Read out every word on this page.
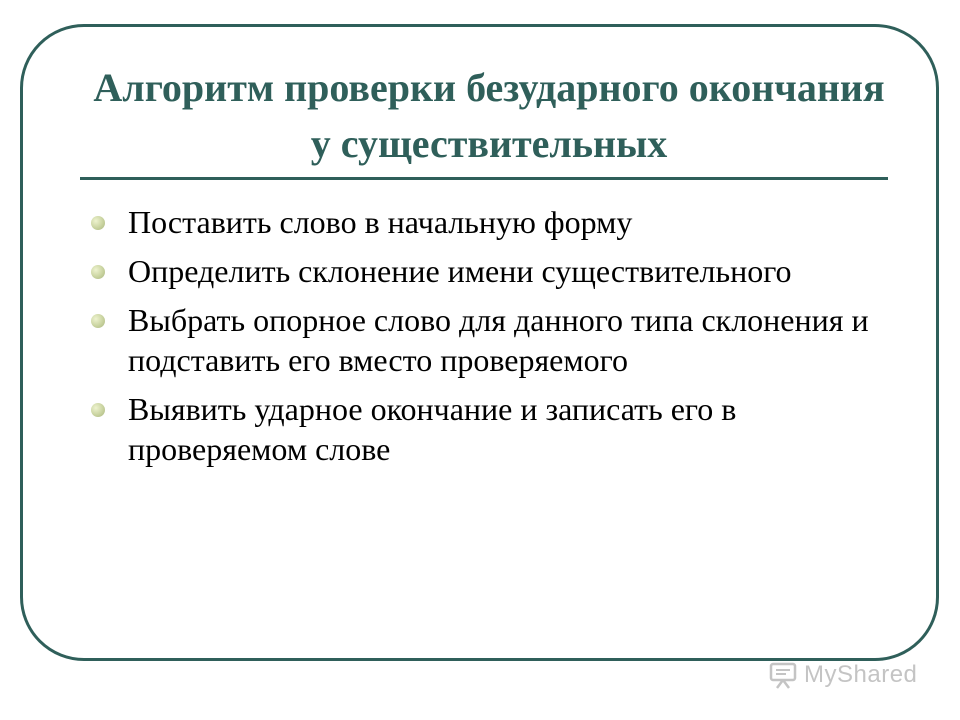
Алгоритм проверки безударного окончания у существительных
Поставить слово в начальную форму
Определить склонение имени существительного
Выбрать опорное слово для данного типа склонения и подставить его вместо проверяемого
Выявить ударное окончание и записать его в проверяемом слове
MyShared
